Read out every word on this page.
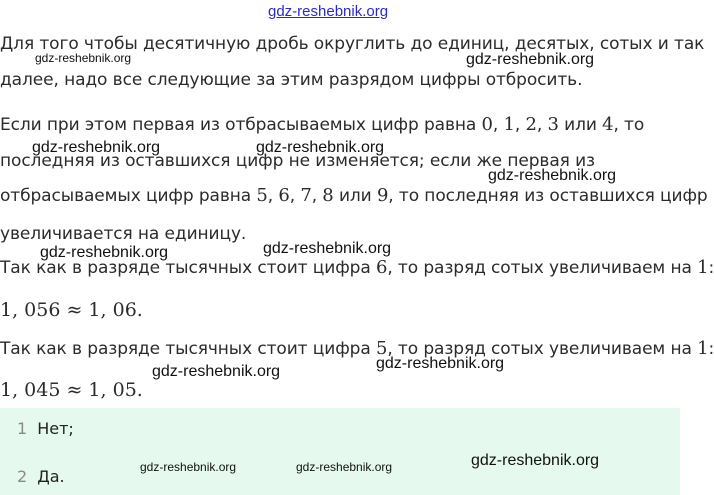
gdz-reshebnik.org
Для того чтобы десятичную дробь округлить до единиц, десятых, сотых и так
далее, надо все следующие за этим разрядом цифры отбросить.
Если при этом первая из отбрасываемых цифр равна 0, 1, 2, 3 или 4, то
последняя из оставшихся цифр не изменяется; если же первая из
отбрасываемых цифр равна 5, 6, 7, 8 или 9, то последняя из оставшихся цифр
увеличивается на единицу.
Так как в разряде тысячных стоит цифра 6, то разряд сотых увеличиваем на 1:
1, 056 ≈ 1, 06.
Так как в разряде тысячных стоит цифра 5, то разряд сотых увеличиваем на 1:
1, 045 ≈ 1, 05.
1 Нет;
2 Да.
gdz-reshebnik.org	gdz-reshebnik.org
gdz-reshebnik.org	gdz-reshebnik.org
gdz-reshebnik.org
gdz-reshebnik.org
gdz-reshebnik.org
gdz-reshebnik.org
gdz-reshebnik.org
gdz-reshebnik.org	gdz-reshebnik.org	gdz-reshebnik.org
